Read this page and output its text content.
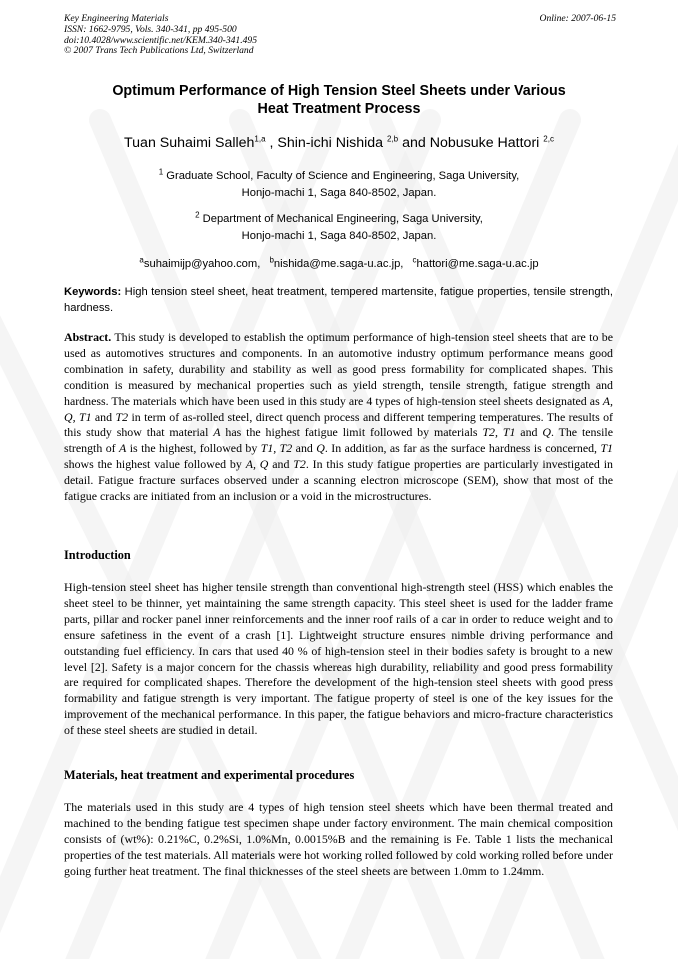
Key Engineering Materials
ISSN: 1662-9795, Vols. 340-341, pp 495-500
doi:10.4028/www.scientific.net/KEM.340-341.495
© 2007 Trans Tech Publications Ltd, Switzerland
Online: 2007-06-15
Optimum Performance of High Tension Steel Sheets under Various
Heat Treatment Process
Tuan Suhaimi Salleh$^{1,a}$ , Shin-ichi Nishida $^{2,b}$ and Nobusuke Hattori $^{2,c}$
$^1$ Graduate School, Faculty of Science and Engineering, Saga University,
Honjo-machi 1, Saga 840-8502, Japan.
$^2$ Department of Mechanical Engineering, Saga University,
Honjo-machi 1, Saga 840-8502, Japan.
$^a$suhaimijp@yahoo.com, $^b$nishida@me.saga-u.ac.jp, $^c$hattori@me.saga-u.ac.jp
Keywords: High tension steel sheet, heat treatment, tempered martensite, fatigue properties, tensile strength, hardness.
Abstract. This study is developed to establish the optimum performance of high-tension steel sheets that are to be used as automotives structures and components. In an automotive industry optimum performance means good combination in safety, durability and stability as well as good press formability for complicated shapes. This condition is measured by mechanical properties such as yield strength, tensile strength, fatigue strength and hardness. The materials which have been used in this study are 4 types of high-tension steel sheets designated as A, Q, T1 and T2 in term of as-rolled steel, direct quench process and different tempering temperatures. The results of this study show that material A has the highest fatigue limit followed by materials T2, T1 and Q. The tensile strength of A is the highest, followed by T1, T2 and Q. In addition, as far as the surface hardness is concerned, T1 shows the highest value followed by A, Q and T2. In this study fatigue properties are particularly investigated in detail. Fatigue fracture surfaces observed under a scanning electron microscope (SEM), show that most of the fatigue cracks are initiated from an inclusion or a void in the microstructures.
Introduction
High-tension steel sheet has higher tensile strength than conventional high-strength steel (HSS) which enables the sheet steel to be thinner, yet maintaining the same strength capacity. This steel sheet is used for the ladder frame parts, pillar and rocker panel inner reinforcements and the inner roof rails of a car in order to reduce weight and to ensure safetiness in the event of a crash [1]. Lightweight structure ensures nimble driving performance and outstanding fuel efficiency. In cars that used 40 % of high-tension steel in their bodies safety is brought to a new level [2]. Safety is a major concern for the chassis whereas high durability, reliability and good press formability are required for complicated shapes. Therefore the development of the high-tension steel sheets with good press formability and fatigue strength is very important. The fatigue property of steel is one of the key issues for the improvement of the mechanical performance. In this paper, the fatigue behaviors and micro-fracture characteristics of these steel sheets are studied in detail.
Materials, heat treatment and experimental procedures
The materials used in this study are 4 types of high tension steel sheets which have been thermal treated and machined to the bending fatigue test specimen shape under factory environment. The main chemical composition consists of (wt%): 0.21%C, 0.2%Si, 1.0%Mn, 0.0015%B and the remaining is Fe. Table 1 lists the mechanical properties of the test materials. All materials were hot working rolled followed by cold working rolled before under going further heat treatment. The final thicknesses of the steel sheets are between 1.0mm to 1.24mm.
